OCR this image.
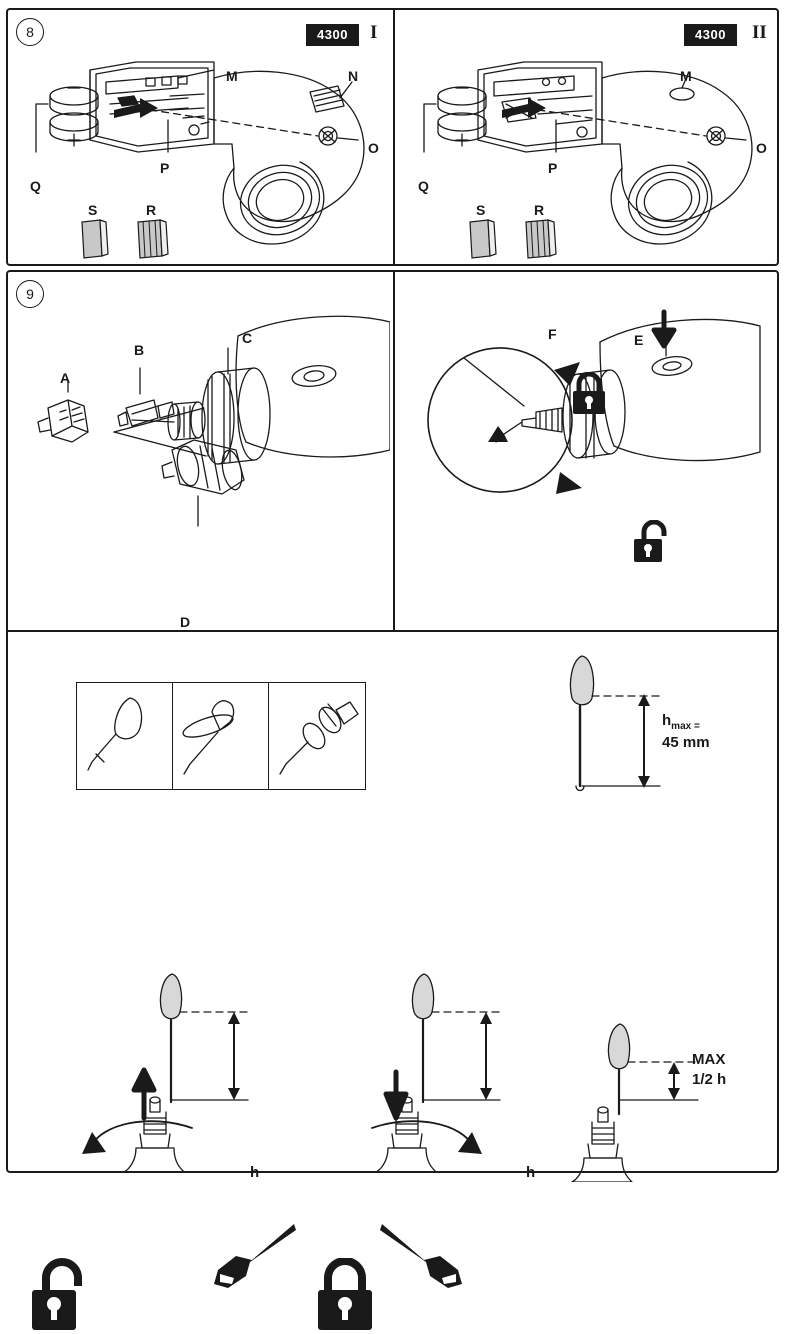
8	4300	I	4300	II
M	N
O
P
Q
S	R
M
O
P
Q
S	R
9
A
B
C
D
F	E
$h_{max =}$
45 mm
h	h
MAX
1/2 h
